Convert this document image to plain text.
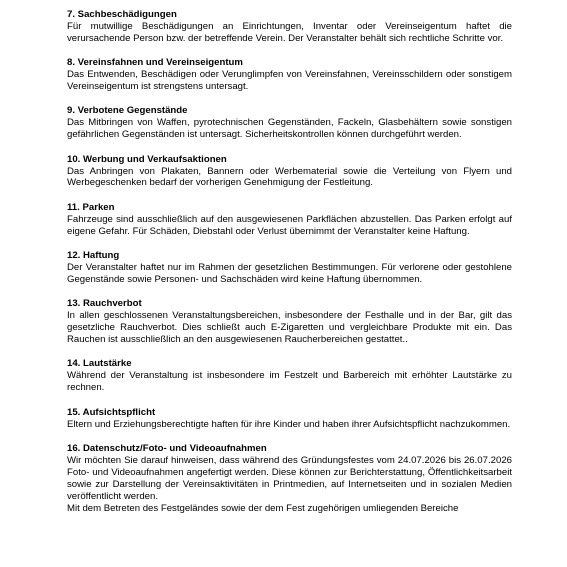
7. Sachbeschädigungen

Für mutwillige Beschädigungen an Einrichtungen, Inventar oder Vereinseigentum haftet die verursachende Person bzw. der betreffende Verein. Der Veranstalter behält sich rechtliche Schritte vor.

8. Vereinsfahnen und Vereinseigentum

Das Entwenden, Beschädigen oder Verunglimpfen von Vereinsfahnen, Vereinsschildern oder sonstigem Vereinseigentum ist strengstens untersagt.

9. Verbotene Gegenstände

Das Mitbringen von Waffen, pyrotechnischen Gegenständen, Fackeln, Glasbehältern sowie sonstigen gefährlichen Gegenständen ist untersagt. Sicherheitskontrollen können durchgeführt werden.

10. Werbung und Verkaufsaktionen

Das Anbringen von Plakaten, Bannern oder Werbematerial sowie die Verteilung von Flyern und Werbegeschenken bedarf der vorherigen Genehmigung der Festleitung.

11. Parken

Fahrzeuge sind ausschließlich auf den ausgewiesenen Parkflächen abzustellen. Das Parken erfolgt auf eigene Gefahr. Für Schäden, Diebstahl oder Verlust übernimmt der Veranstalter keine Haftung.

12. Haftung

Der Veranstalter haftet nur im Rahmen der gesetzlichen Bestimmungen. Für verlorene oder gestohlene Gegenstände sowie Personen- und Sachschäden wird keine Haftung übernommen.

13. Rauchverbot

In allen geschlossenen Veranstaltungsbereichen, insbesondere der Festhalle und in der Bar, gilt das gesetzliche Rauchverbot. Dies schließt auch E-Zigaretten und vergleichbare Produkte mit ein. Das Rauchen ist ausschließlich an den ausgewiesenen Raucherbereichen gestattet..

14. Lautstärke

Während der Veranstaltung ist insbesondere im Festzelt und Barbereich mit erhöhter Lautstärke zu rechnen.

15. Aufsichtspflicht

Eltern und Erziehungsberechtigte haften für ihre Kinder und haben ihrer Aufsichtspflicht nachzukommen.

16. Datenschutz/Foto- und Videoaufnahmen

Wir möchten Sie darauf hinweisen, dass während des Gründungsfestes vom 24.07.2026 bis 26.07.2026 Foto- und Videoaufnahmen angefertigt werden. Diese können zur Berichterstattung, Öffentlichkeitsarbeit sowie zur Darstellung der Vereinsaktivitäten in Printmedien, auf Internetseiten und in sozialen Medien veröffentlicht werden.

Mit dem Betreten des Festgeländes sowie der dem Fest zugehörigen umliegenden Bereiche
